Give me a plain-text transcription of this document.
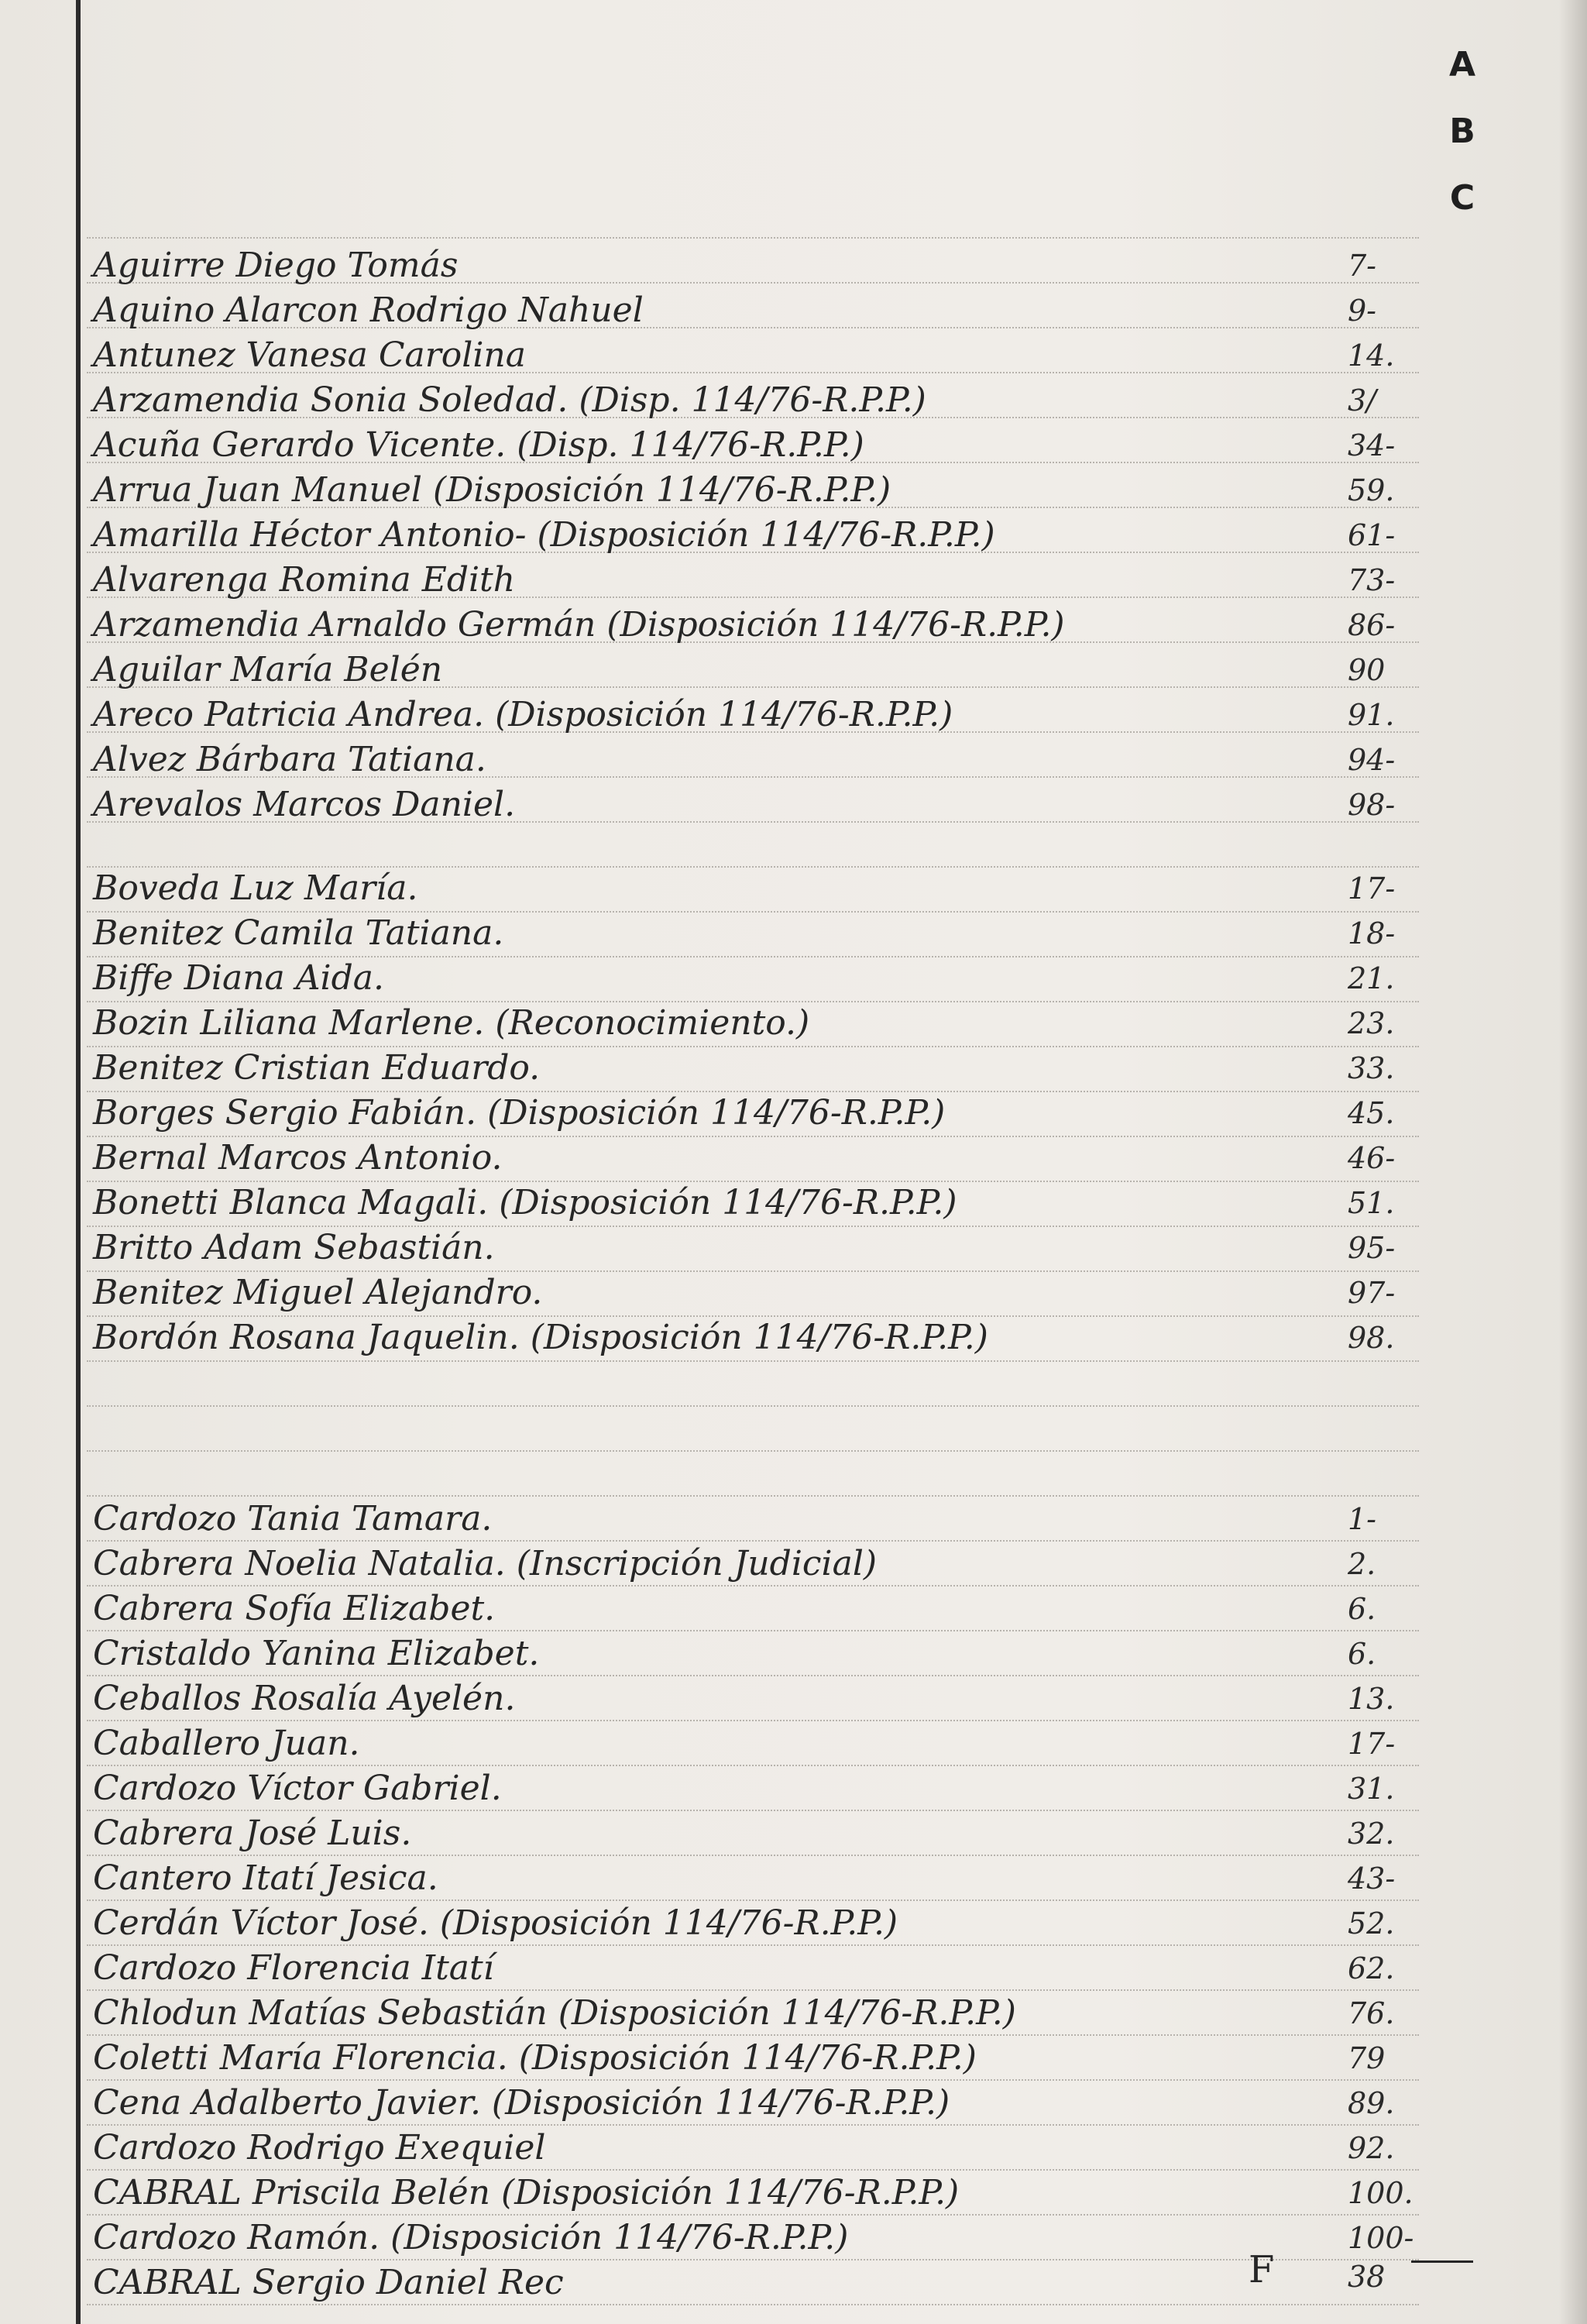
A
B
C
Aguirre Diego Tomás	7-
Aquino Alarcon Rodrigo Nahuel	9-
Antunez Vanesa Carolina	14.
Arzamendia Sonia Soledad. (Disp. 114/76-R.P.P.)	3/
Acuña Gerardo Vicente. (Disp. 114/76-R.P.P.)	34-
Arrua Juan Manuel (Disposición 114/76-R.P.P.)	59.
Amarilla Héctor Antonio- (Disposición 114/76-R.P.P.)	61-
Alvarenga Romina Edith	73-
Arzamendia Arnaldo Germán (Disposición 114/76-R.P.P.)	86-
Aguilar María Belén	90
Areco Patricia Andrea. (Disposición 114/76-R.P.P.)	91.
Alvez Bárbara Tatiana.	94-
Arevalos Marcos Daniel.	98-
Boveda Luz María.	17-
Benitez Camila Tatiana.	18-
Biffe Diana Aida.	21.
Bozin Liliana Marlene. (Reconocimiento.)	23.
Benitez Cristian Eduardo.	33.
Borges Sergio Fabián. (Disposición 114/76-R.P.P.)	45.
Bernal Marcos Antonio.	46-
Bonetti Blanca Magali. (Disposición 114/76-R.P.P.)	51.
Britto Adam Sebastián.	95-
Benitez Miguel Alejandro.	97-
Bordón Rosana Jaquelin. (Disposición 114/76-R.P.P.)	98.
Cardozo Tania Tamara.	1-
Cabrera Noelia Natalia. (Inscripción Judicial)	2.
Cabrera Sofía Elizabet.	6.
Cristaldo Yanina Elizabet.	6.
Ceballos Rosalía Ayelén.	13.
Caballero Juan.	17-
Cardozo Víctor Gabriel.	31.
Cabrera José Luis.	32.
Cantero Itatí Jesica.	43-
Cerdán Víctor José. (Disposición 114/76-R.P.P.)	52.
Cardozo Florencia Itatí	62.
Chlodun Matías Sebastián (Disposición 114/76-R.P.P.)	76.
Coletti María Florencia. (Disposición 114/76-R.P.P.)	79
Cena Adalberto Javier. (Disposición 114/76-R.P.P.)	89.
Cardozo Rodrigo Exequiel	92.
CABRAL Priscila Belén (Disposición 114/76-R.P.P.)	100.
Cardozo Ramón. (Disposición 114/76-R.P.P.)	100-
CABRAL Sergio Daniel Rec	38
F
